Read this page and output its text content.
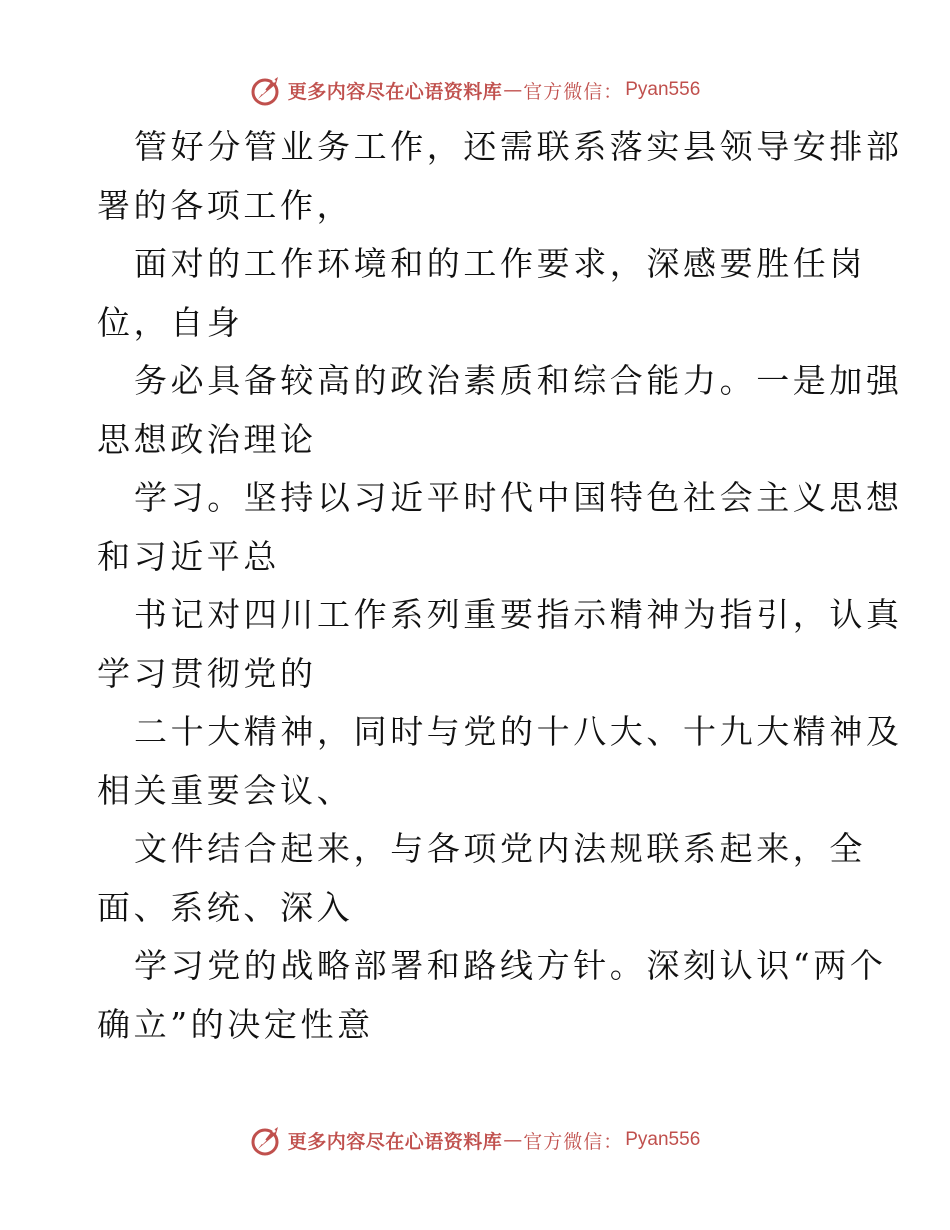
更多内容尽在心语资料库 — 官方微信： Pyan556
管好分管业务工作，还需联系落实县领导安排部
署的各项工作，
面对的工作环境和的工作要求，深感要胜任岗
位，自身
务必具备较高的政治素质和综合能力。一是加强
思想政治理论
学习。坚持以习近平时代中国特色社会主义思想
和习近平总
书记对四川工作系列重要指示精神为指引，认真
学习贯彻党的
二十大精神，同时与党的十八大、十九大精神及
相关重要会议、
文件结合起来，与各项党内法规联系起来，全
面、系统、深入
学习党的战略部署和路线方针。深刻认识“两个
确立”的决定性意
更多内容尽在心语资料库 — 官方微信： Pyan556
